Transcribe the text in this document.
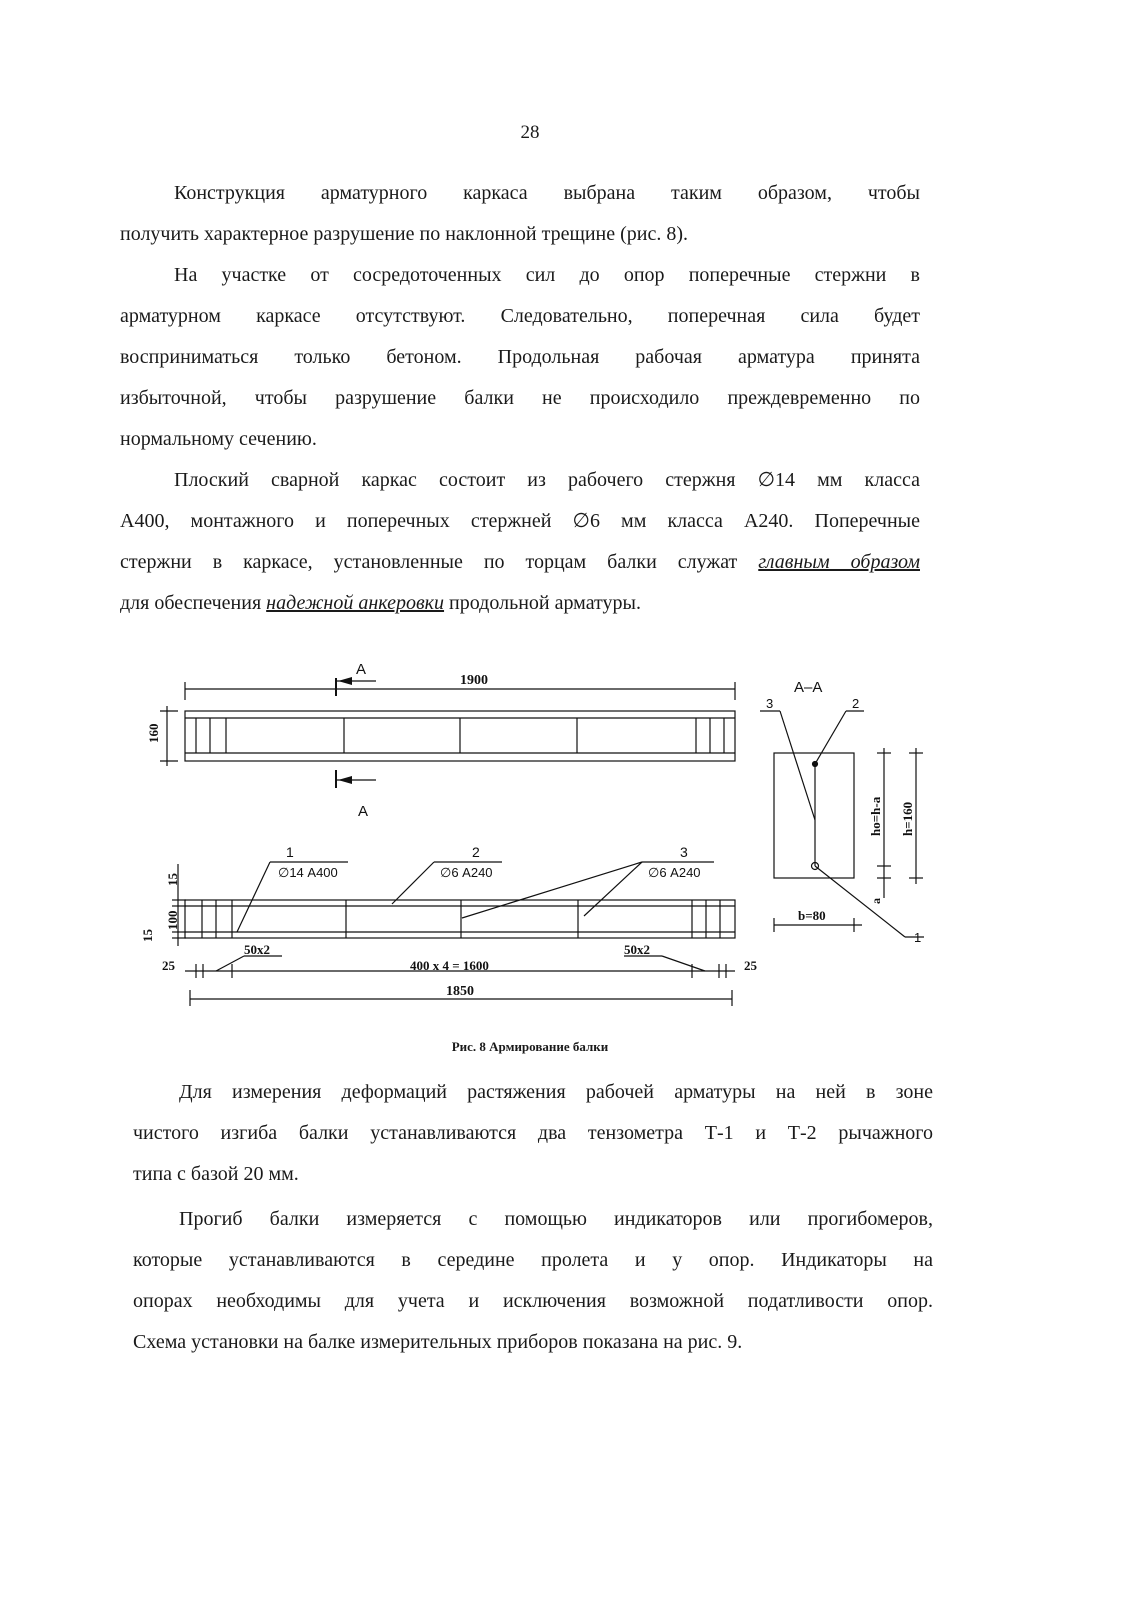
28
Конструкция арматурного каркаса выбрана таким образом, чтобы
получить характерное разрушение по наклонной трещине (рис. 8).
На участке от сосредоточенных сил до опор поперечные стержни в
арматурном каркасе отсутствуют. Следовательно, поперечная сила будет
восприниматься только бетоном. Продольная рабочая арматура принята
избыточной, чтобы разрушение балки не происходило преждевременно по
нормальному сечению.
Плоский сварной каркас состоит из рабочего стержня ∅14 мм класса
А400, монтажного и поперечных стержней ∅6 мм класса А240. Поперечные
стержни в каркасе, установленные по торцам балки служат главным образом
для обеспечения надежной анкеровки продольной арматуры.
1900
160
А
А
1	2	3
∅14 А400	∅6 А240	∅6 А240
15
100
15
25	25
50x2	50x2
400 x 4 = 1600
1850
А–А
3	2
1
b=80
ho=h-a
a
h=160
Рис. 8 Армирование балки
Для измерения деформаций растяжения рабочей арматуры на ней в зоне
чистого изгиба балки устанавливаются два тензометра Т-1 и Т-2 рычажного
типа с базой 20 мм.
Прогиб балки измеряется с помощью индикаторов или прогибомеров,
которые устанавливаются в середине пролета и у опор. Индикаторы на
опорах необходимы для учета и исключения возможной податливости опор.
Схема установки на балке измерительных приборов показана на рис. 9.
